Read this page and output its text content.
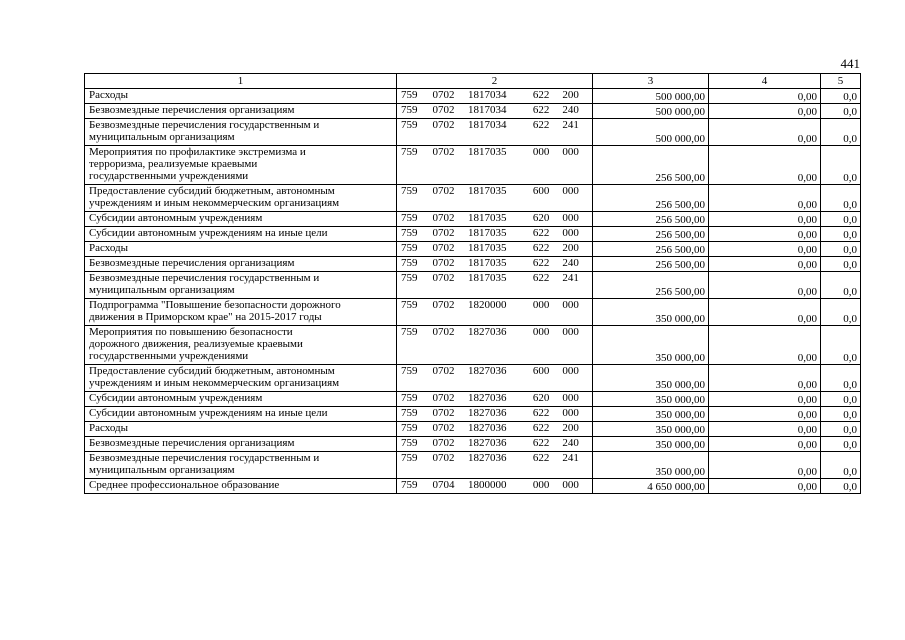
441
1	2	3	4	5

Расходы	759 0702 1817034 622 200	500 000,00	0,00	0,0

Безвозмездные перечисления организациям	759 0702 1817034 622 240	500 000,00	0,00	0,0

Безвозмездные перечисления государственным и
муниципальным организациям	759 0702 1817034 622 241	500 000,00	0,00	0,0

Мероприятия по профилактике экстремизма и
терроризма, реализуемые краевыми
государственными учреждениями	759 0702 1817035 000 000	256 500,00	0,00	0,0

Предоставление субсидий бюджетным, автономным
учреждениям и иным некоммерческим организациям	759 0702 1817035 600 000	256 500,00	0,00	0,0

Субсидии автономным учреждениям	759 0702 1817035 620 000	256 500,00	0,00	0,0

Субсидии автономным учреждениям на иные цели	759 0702 1817035 622 000	256 500,00	0,00	0,0

Расходы	759 0702 1817035 622 200	256 500,00	0,00	0,0

Безвозмездные перечисления организациям	759 0702 1817035 622 240	256 500,00	0,00	0,0

Безвозмездные перечисления государственным и
муниципальным организациям	759 0702 1817035 622 241	256 500,00	0,00	0,0

Подпрограмма "Повышение безопасности дорожного
движения в Приморском крае" на 2015-2017 годы	759 0702 1820000 000 000	350 000,00	0,00	0,0

Мероприятия по повышению безопасности
дорожного движения, реализуемые краевыми
государственными учреждениями	759 0702 1827036 000 000	350 000,00	0,00	0,0

Предоставление субсидий бюджетным, автономным
учреждениям и иным некоммерческим организациям	759 0702 1827036 600 000	350 000,00	0,00	0,0

Субсидии автономным учреждениям	759 0702 1827036 620 000	350 000,00	0,00	0,0

Субсидии автономным учреждениям на иные цели	759 0702 1827036 622 000	350 000,00	0,00	0,0

Расходы	759 0702 1827036 622 200	350 000,00	0,00	0,0

Безвозмездные перечисления организациям	759 0702 1827036 622 240	350 000,00	0,00	0,0

Безвозмездные перечисления государственным и
муниципальным организациям	759 0702 1827036 622 241	350 000,00	0,00	0,0

Среднее профессиональное образование	759 0704 1800000 000 000	4 650 000,00	0,00	0,0
